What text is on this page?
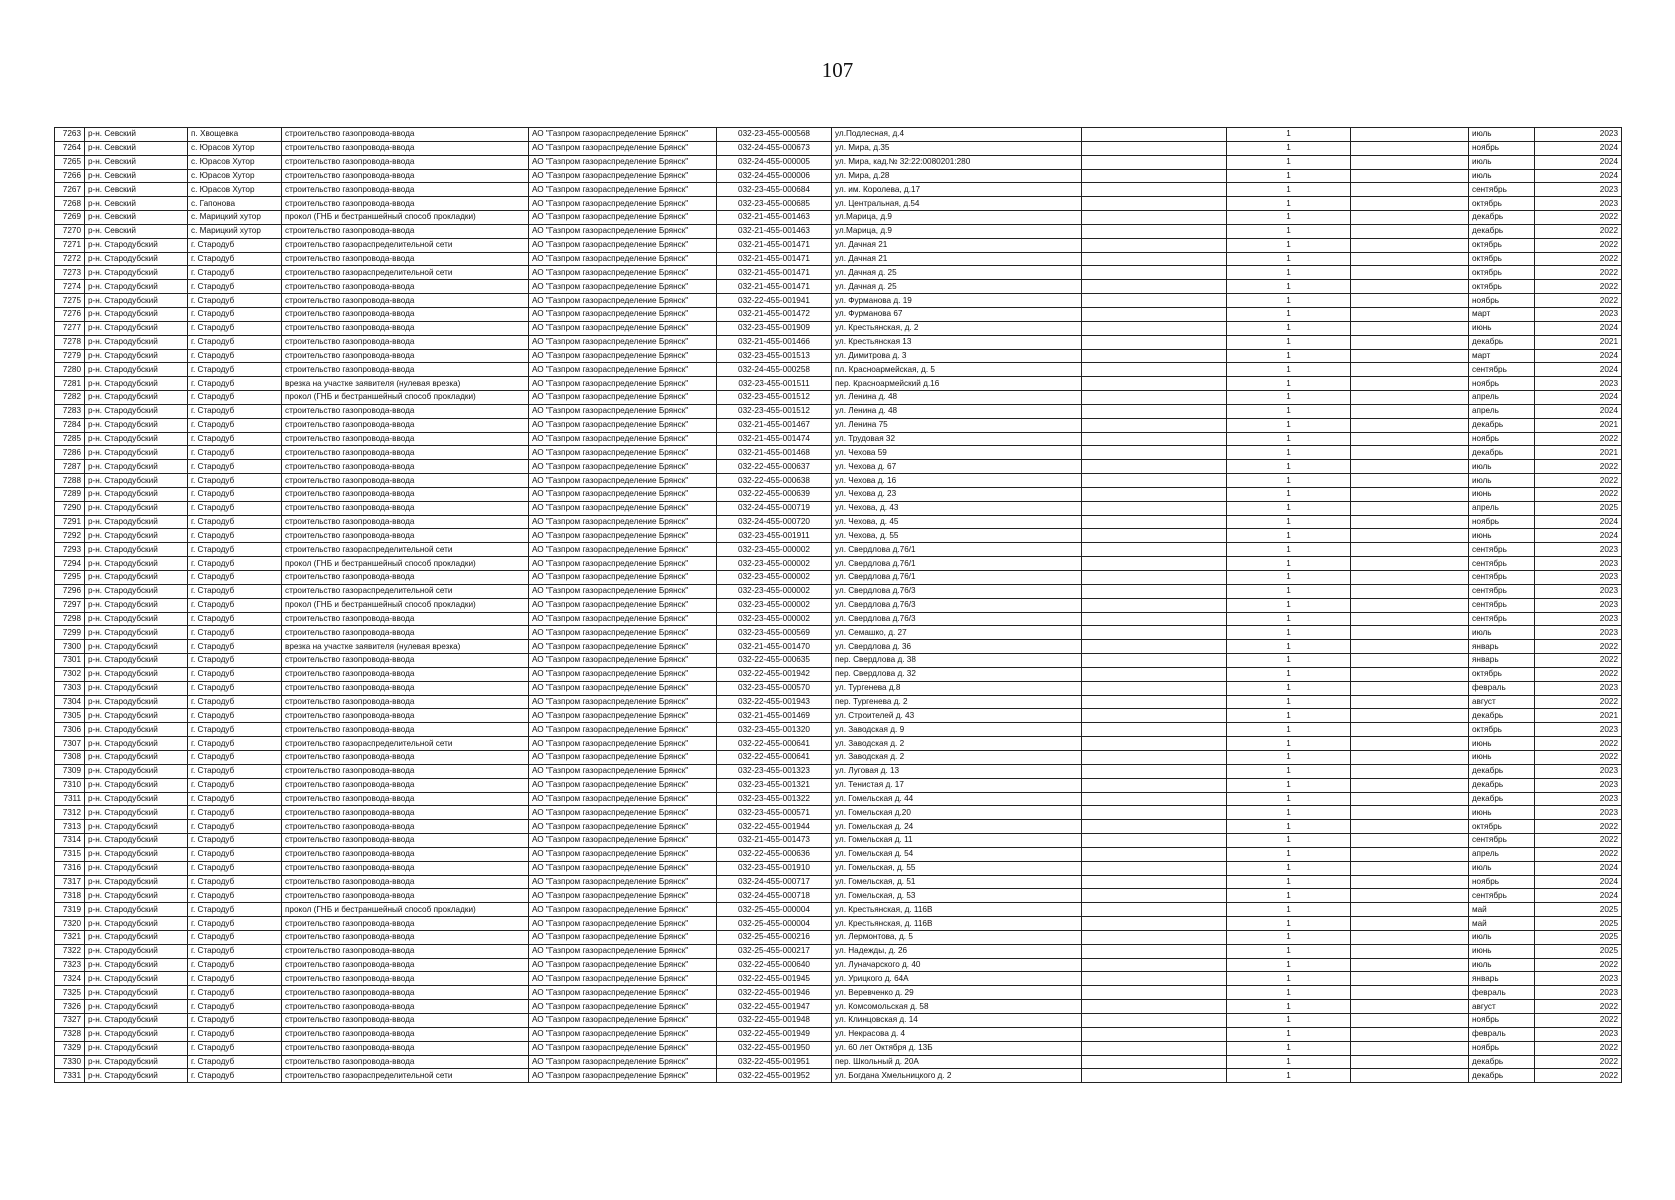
107
7263	р-н. Севский	п. Хвощевка	строительство газопровода-ввода	АО "Газпром газораспределение Брянск"	032-23-455-000568	ул.Подлесная, д.4		1		июль	2023
7264	р-н. Севский	с. Юрасов Хутор	строительство газопровода-ввода	АО "Газпром газораспределение Брянск"	032-24-455-000673	ул. Мира, д.35		1		ноябрь	2024
7265	р-н. Севский	с. Юрасов Хутор	строительство газопровода-ввода	АО "Газпром газораспределение Брянск"	032-24-455-000005	ул. Мира, кад.№ 32:22:0080201:280		1		июль	2024
7266	р-н. Севский	с. Юрасов Хутор	строительство газопровода-ввода	АО "Газпром газораспределение Брянск"	032-24-455-000006	ул. Мира, д.28		1		июль	2024
7267	р-н. Севский	с. Юрасов Хутор	строительство газопровода-ввода	АО "Газпром газораспределение Брянск"	032-23-455-000684	ул. им. Королева, д.17		1		сентябрь	2023
7268	р-н. Севский	с. Гапонова	строительство газопровода-ввода	АО "Газпром газораспределение Брянск"	032-23-455-000685	ул. Центральная, д.54		1		октябрь	2023
7269	р-н. Севский	с. Марицкий хутор	прокол (ГНБ и бестраншейный способ прокладки)	АО "Газпром газораспределение Брянск"	032-21-455-001463	ул.Марица, д.9		1		декабрь	2022
7270	р-н. Севский	с. Марицкий хутор	строительство газопровода-ввода	АО "Газпром газораспределение Брянск"	032-21-455-001463	ул.Марица, д.9		1		декабрь	2022
7271	р-н. Стародубский	г. Стародуб	строительство газораспределительной сети	АО "Газпром газораспределение Брянск"	032-21-455-001471	ул. Дачная 21		1		октябрь	2022
7272	р-н. Стародубский	г. Стародуб	строительство газопровода-ввода	АО "Газпром газораспределение Брянск"	032-21-455-001471	ул. Дачная 21		1		октябрь	2022
7273	р-н. Стародубский	г. Стародуб	строительство газораспределительной сети	АО "Газпром газораспределение Брянск"	032-21-455-001471	ул. Дачная д. 25		1		октябрь	2022
7274	р-н. Стародубский	г. Стародуб	строительство газопровода-ввода	АО "Газпром газораспределение Брянск"	032-21-455-001471	ул. Дачная д. 25		1		октябрь	2022
7275	р-н. Стародубский	г. Стародуб	строительство газопровода-ввода	АО "Газпром газораспределение Брянск"	032-22-455-001941	ул. Фурманова д. 19		1		ноябрь	2022
7276	р-н. Стародубский	г. Стародуб	строительство газопровода-ввода	АО "Газпром газораспределение Брянск"	032-21-455-001472	ул. Фурманова 67		1		март	2023
7277	р-н. Стародубский	г. Стародуб	строительство газопровода-ввода	АО "Газпром газораспределение Брянск"	032-23-455-001909	ул. Крестьянская, д. 2		1		июнь	2024
7278	р-н. Стародубский	г. Стародуб	строительство газопровода-ввода	АО "Газпром газораспределение Брянск"	032-21-455-001466	ул. Крестьянская 13		1		декабрь	2021
7279	р-н. Стародубский	г. Стародуб	строительство газопровода-ввода	АО "Газпром газораспределение Брянск"	032-23-455-001513	ул. Димитрова д. 3		1		март	2024
7280	р-н. Стародубский	г. Стародуб	строительство газопровода-ввода	АО "Газпром газораспределение Брянск"	032-24-455-000258	пл. Красноармейская, д. 5		1		сентябрь	2024
7281	р-н. Стародубский	г. Стародуб	врезка на участке заявителя (нулевая врезка)	АО "Газпром газораспределение Брянск"	032-23-455-001511	пер. Красноармейский д.16		1		ноябрь	2023
7282	р-н. Стародубский	г. Стародуб	прокол (ГНБ и бестраншейный способ прокладки)	АО "Газпром газораспределение Брянск"	032-23-455-001512	ул. Ленина д. 48		1		апрель	2024
7283	р-н. Стародубский	г. Стародуб	строительство газопровода-ввода	АО "Газпром газораспределение Брянск"	032-23-455-001512	ул. Ленина д. 48		1		апрель	2024
7284	р-н. Стародубский	г. Стародуб	строительство газопровода-ввода	АО "Газпром газораспределение Брянск"	032-21-455-001467	ул. Ленина 75		1		декабрь	2021
7285	р-н. Стародубский	г. Стародуб	строительство газопровода-ввода	АО "Газпром газораспределение Брянск"	032-21-455-001474	ул. Трудовая 32		1		ноябрь	2022
7286	р-н. Стародубский	г. Стародуб	строительство газопровода-ввода	АО "Газпром газораспределение Брянск"	032-21-455-001468	ул. Чехова 59		1		декабрь	2021
7287	р-н. Стародубский	г. Стародуб	строительство газопровода-ввода	АО "Газпром газораспределение Брянск"	032-22-455-000637	ул. Чехова д. 67		1		июль	2022
7288	р-н. Стародубский	г. Стародуб	строительство газопровода-ввода	АО "Газпром газораспределение Брянск"	032-22-455-000638	ул. Чехова д. 16		1		июль	2022
7289	р-н. Стародубский	г. Стародуб	строительство газопровода-ввода	АО "Газпром газораспределение Брянск"	032-22-455-000639	ул. Чехова д. 23		1		июнь	2022
7290	р-н. Стародубский	г. Стародуб	строительство газопровода-ввода	АО "Газпром газораспределение Брянск"	032-24-455-000719	ул. Чехова, д. 43		1		апрель	2025
7291	р-н. Стародубский	г. Стародуб	строительство газопровода-ввода	АО "Газпром газораспределение Брянск"	032-24-455-000720	ул. Чехова, д. 45		1		ноябрь	2024
7292	р-н. Стародубский	г. Стародуб	строительство газопровода-ввода	АО "Газпром газораспределение Брянск"	032-23-455-001911	ул. Чехова, д. 55		1		июнь	2024
7293	р-н. Стародубский	г. Стародуб	строительство газораспределительной сети	АО "Газпром газораспределение Брянск"	032-23-455-000002	ул. Свердлова д.76/1		1		сентябрь	2023
7294	р-н. Стародубский	г. Стародуб	прокол (ГНБ и бестраншейный способ прокладки)	АО "Газпром газораспределение Брянск"	032-23-455-000002	ул. Свердлова д.76/1		1		сентябрь	2023
7295	р-н. Стародубский	г. Стародуб	строительство газопровода-ввода	АО "Газпром газораспределение Брянск"	032-23-455-000002	ул. Свердлова д.76/1		1		сентябрь	2023
7296	р-н. Стародубский	г. Стародуб	строительство газораспределительной сети	АО "Газпром газораспределение Брянск"	032-23-455-000002	ул. Свердлова д.76/3		1		сентябрь	2023
7297	р-н. Стародубский	г. Стародуб	прокол (ГНБ и бестраншейный способ прокладки)	АО "Газпром газораспределение Брянск"	032-23-455-000002	ул. Свердлова д.76/3		1		сентябрь	2023
7298	р-н. Стародубский	г. Стародуб	строительство газопровода-ввода	АО "Газпром газораспределение Брянск"	032-23-455-000002	ул. Свердлова д.76/3		1		сентябрь	2023
7299	р-н. Стародубский	г. Стародуб	строительство газопровода-ввода	АО "Газпром газораспределение Брянск"	032-23-455-000569	ул. Семашко, д. 27		1		июль	2023
7300	р-н. Стародубский	г. Стародуб	врезка на участке заявителя (нулевая врезка)	АО "Газпром газораспределение Брянск"	032-21-455-001470	ул. Свердлова д. 36		1		январь	2022
7301	р-н. Стародубский	г. Стародуб	строительство газопровода-ввода	АО "Газпром газораспределение Брянск"	032-22-455-000635	пер. Свердлова д. 38		1		январь	2022
7302	р-н. Стародубский	г. Стародуб	строительство газопровода-ввода	АО "Газпром газораспределение Брянск"	032-22-455-001942	пер. Свердлова д. 32		1		октябрь	2022
7303	р-н. Стародубский	г. Стародуб	строительство газопровода-ввода	АО "Газпром газораспределение Брянск"	032-23-455-000570	ул. Тургенева д.8		1		февраль	2023
7304	р-н. Стародубский	г. Стародуб	строительство газопровода-ввода	АО "Газпром газораспределение Брянск"	032-22-455-001943	пер. Тургенева д. 2		1		август	2022
7305	р-н. Стародубский	г. Стародуб	строительство газопровода-ввода	АО "Газпром газораспределение Брянск"	032-21-455-001469	ул. Строителей д. 43		1		декабрь	2021
7306	р-н. Стародубский	г. Стародуб	строительство газопровода-ввода	АО "Газпром газораспределение Брянск"	032-23-455-001320	ул. Заводская д. 9		1		октябрь	2023
7307	р-н. Стародубский	г. Стародуб	строительство газораспределительной сети	АО "Газпром газораспределение Брянск"	032-22-455-000641	ул. Заводская д. 2		1		июнь	2022
7308	р-н. Стародубский	г. Стародуб	строительство газопровода-ввода	АО "Газпром газораспределение Брянск"	032-22-455-000641	ул. Заводская д. 2		1		июнь	2022
7309	р-н. Стародубский	г. Стародуб	строительство газопровода-ввода	АО "Газпром газораспределение Брянск"	032-23-455-001323	ул. Луговая д. 13		1		декабрь	2023
7310	р-н. Стародубский	г. Стародуб	строительство газопровода-ввода	АО "Газпром газораспределение Брянск"	032-23-455-001321	ул. Тенистая д. 17		1		декабрь	2023
7311	р-н. Стародубский	г. Стародуб	строительство газопровода-ввода	АО "Газпром газораспределение Брянск"	032-23-455-001322	ул. Гомельская д. 44		1		декабрь	2023
7312	р-н. Стародубский	г. Стародуб	строительство газопровода-ввода	АО "Газпром газораспределение Брянск"	032-23-455-000571	ул. Гомельская д.20		1		июнь	2023
7313	р-н. Стародубский	г. Стародуб	строительство газопровода-ввода	АО "Газпром газораспределение Брянск"	032-22-455-001944	ул. Гомельская д. 24		1		октябрь	2022
7314	р-н. Стародубский	г. Стародуб	строительство газопровода-ввода	АО "Газпром газораспределение Брянск"	032-21-455-001473	ул. Гомельская д. 11		1		сентябрь	2022
7315	р-н. Стародубский	г. Стародуб	строительство газопровода-ввода	АО "Газпром газораспределение Брянск"	032-22-455-000636	ул. Гомельская д. 54		1		апрель	2022
7316	р-н. Стародубский	г. Стародуб	строительство газопровода-ввода	АО "Газпром газораспределение Брянск"	032-23-455-001910	ул. Гомельская, д. 55		1		июль	2024
7317	р-н. Стародубский	г. Стародуб	строительство газопровода-ввода	АО "Газпром газораспределение Брянск"	032-24-455-000717	ул. Гомельская, д. 51		1		ноябрь	2024
7318	р-н. Стародубский	г. Стародуб	строительство газопровода-ввода	АО "Газпром газораспределение Брянск"	032-24-455-000718	ул. Гомельская, д. 53		1		сентябрь	2024
7319	р-н. Стародубский	г. Стародуб	прокол (ГНБ и бестраншейный способ прокладки)	АО "Газпром газораспределение Брянск"	032-25-455-000004	ул. Крестьянская, д. 116В		1		май	2025
7320	р-н. Стародубский	г. Стародуб	строительство газопровода-ввода	АО "Газпром газораспределение Брянск"	032-25-455-000004	ул. Крестьянская, д. 116В		1		май	2025
7321	р-н. Стародубский	г. Стародуб	строительство газопровода-ввода	АО "Газпром газораспределение Брянск"	032-25-455-000216	ул. Лермонтова, д. 5		1		июль	2025
7322	р-н. Стародубский	г. Стародуб	строительство газопровода-ввода	АО "Газпром газораспределение Брянск"	032-25-455-000217	ул. Надежды, д. 26		1		июнь	2025
7323	р-н. Стародубский	г. Стародуб	строительство газопровода-ввода	АО "Газпром газораспределение Брянск"	032-22-455-000640	ул. Луначарского д. 40		1		июль	2022
7324	р-н. Стародубский	г. Стародуб	строительство газопровода-ввода	АО "Газпром газораспределение Брянск"	032-22-455-001945	ул. Урицкого д. 64А		1		январь	2023
7325	р-н. Стародубский	г. Стародуб	строительство газопровода-ввода	АО "Газпром газораспределение Брянск"	032-22-455-001946	ул. Веревченко д. 29		1		февраль	2023
7326	р-н. Стародубский	г. Стародуб	строительство газопровода-ввода	АО "Газпром газораспределение Брянск"	032-22-455-001947	ул. Комсомольская д. 58		1		август	2022
7327	р-н. Стародубский	г. Стародуб	строительство газопровода-ввода	АО "Газпром газораспределение Брянск"	032-22-455-001948	ул. Клинцовская д. 14		1		ноябрь	2022
7328	р-н. Стародубский	г. Стародуб	строительство газопровода-ввода	АО "Газпром газораспределение Брянск"	032-22-455-001949	ул. Некрасова д. 4		1		февраль	2023
7329	р-н. Стародубский	г. Стародуб	строительство газопровода-ввода	АО "Газпром газораспределение Брянск"	032-22-455-001950	ул. 60 лет Октября д. 13Б		1		ноябрь	2022
7330	р-н. Стародубский	г. Стародуб	строительство газопровода-ввода	АО "Газпром газораспределение Брянск"	032-22-455-001951	пер. Школьный д. 20А		1		декабрь	2022
7331	р-н. Стародубский	г. Стародуб	строительство газораспределительной сети	АО "Газпром газораспределение Брянск"	032-22-455-001952	ул. Богдана Хмельницкого д. 2		1		декабрь	2022
